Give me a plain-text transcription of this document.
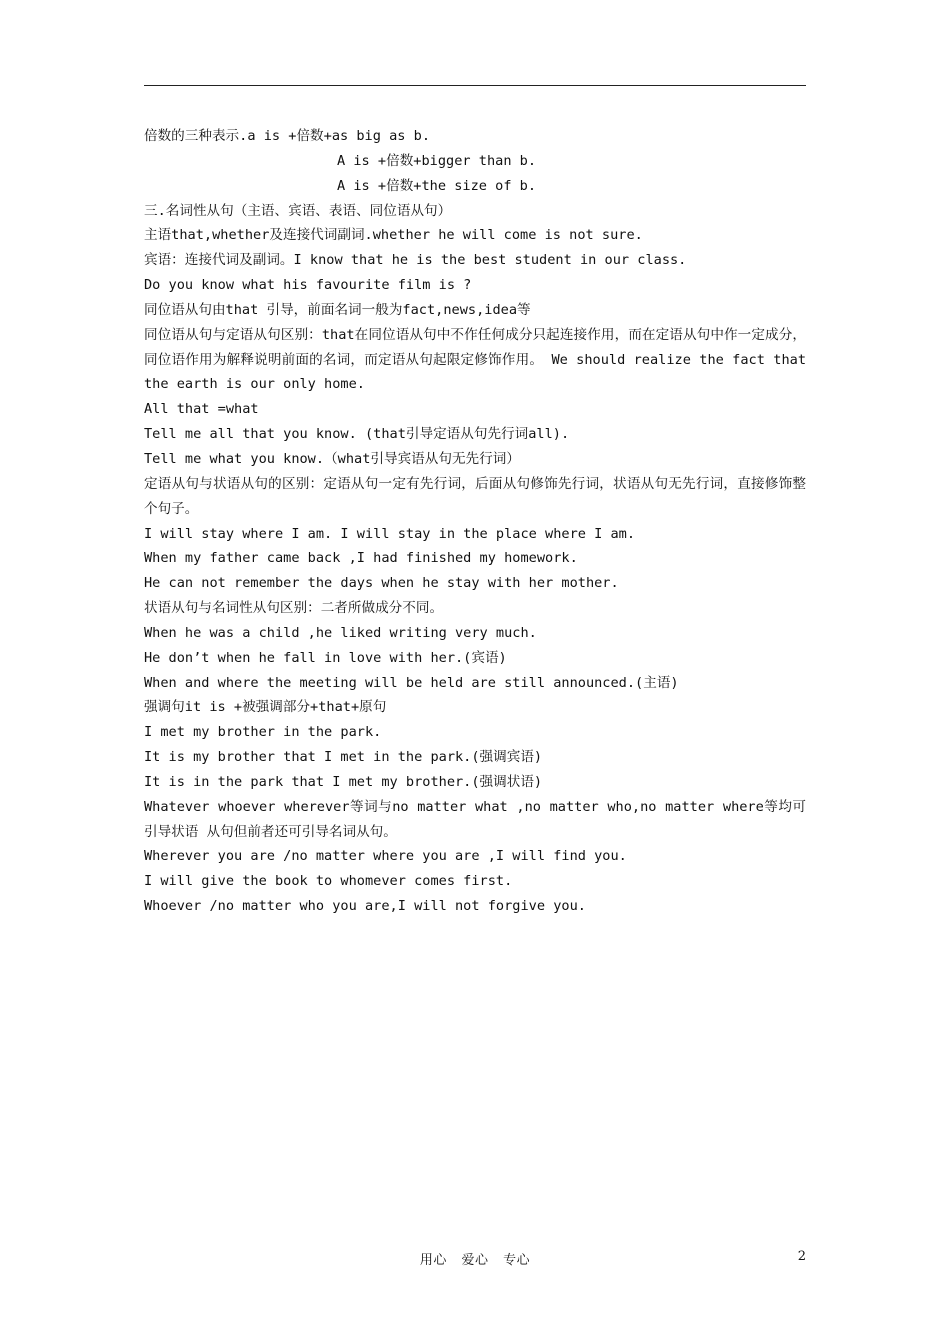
倍数的三种表示.a is +倍数+as big as b.

A is +倍数+bigger than b.

A is +倍数+the size of b.

三.名词性从句（主语、宾语、表语、同位语从句）

主语that,whether及连接代词副词.whether he will come is not sure.

宾语：连接代词及副词。I know that he is the best student in our class.

Do you know what his favourite film is ?

同位语从句由that 引导，前面名词一般为fact,news,idea等

同位语从句与定语从句区别：that在同位语从句中不作任何成分只起连接作用，而在定语从句中作一定成分，同位语作用为解释说明前面的名词，而定语从句起限定修饰作用。 We should realize the fact that the earth is our only home.

All that =what

Tell me all that you know. (that引导定语从句先行词all).

Tell me what you know.（what引导宾语从句无先行词）

定语从句与状语从句的区别：定语从句一定有先行词，后面从句修饰先行词，状语从句无先行词，直接修饰整个句子。

I will stay where I am. I will stay in the place where I am.

When my father came back ,I had finished my homework.

He can not remember the days when he stay with her mother.

状语从句与名词性从句区别：二者所做成分不同。

When he was a child ,he liked writing very much.

He don’t when he fall in love with her.(宾语)

When and where the meeting will be held are still announced.(主语)

强调句it is +被强调部分+that+原句

I met my brother in the park.

It is my brother that I met in the park.(强调宾语)

It is in the park that I met my brother.(强调状语)

Whatever whoever wherever等词与no matter what ,no matter who,no matter where等均可引导状语 从句但前者还可引导名词从句。

Wherever you are /no matter where you are ,I will find you.

I will give the book to whomever comes first.

Whoever /no matter who you are,I will not forgive you.

用心 爱心 专心	2
